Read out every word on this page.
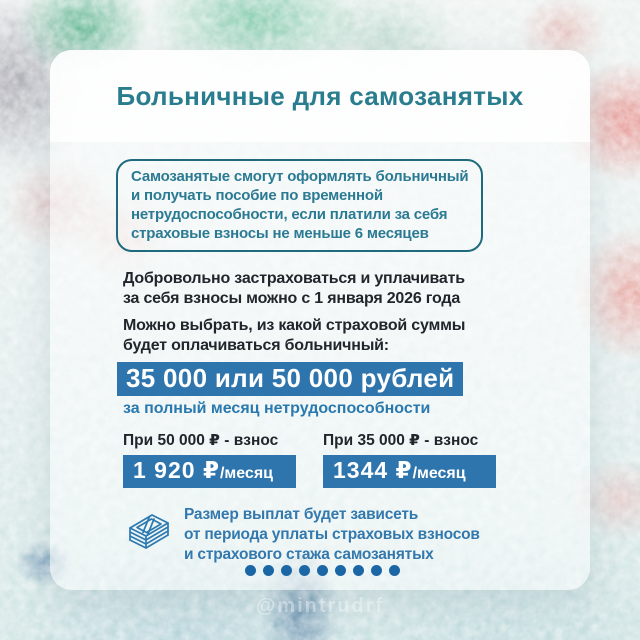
Больничные для самозанятых
Самозанятые смогут оформлять больничный
и получать пособие по временной
нетрудоспособности, если платили за себя
страховые взносы не меньше 6 месяцев
Добровольно застраховаться и уплачивать
за себя взносы можно с 1 января 2026 года
Можно выбрать, из какой страховой суммы
будет оплачиваться больничный:
35 000 или 50 000 рублей
за полный месяц нетрудоспособности
При 50 000 ₽ - взнос
1 920 ₽/месяц
При 35 000 ₽ - взнос
1344 ₽/месяц
Размер выплат будет зависеть
от периода уплаты страховых взносов
и страхового стажа самозанятых
@mintrudrf
